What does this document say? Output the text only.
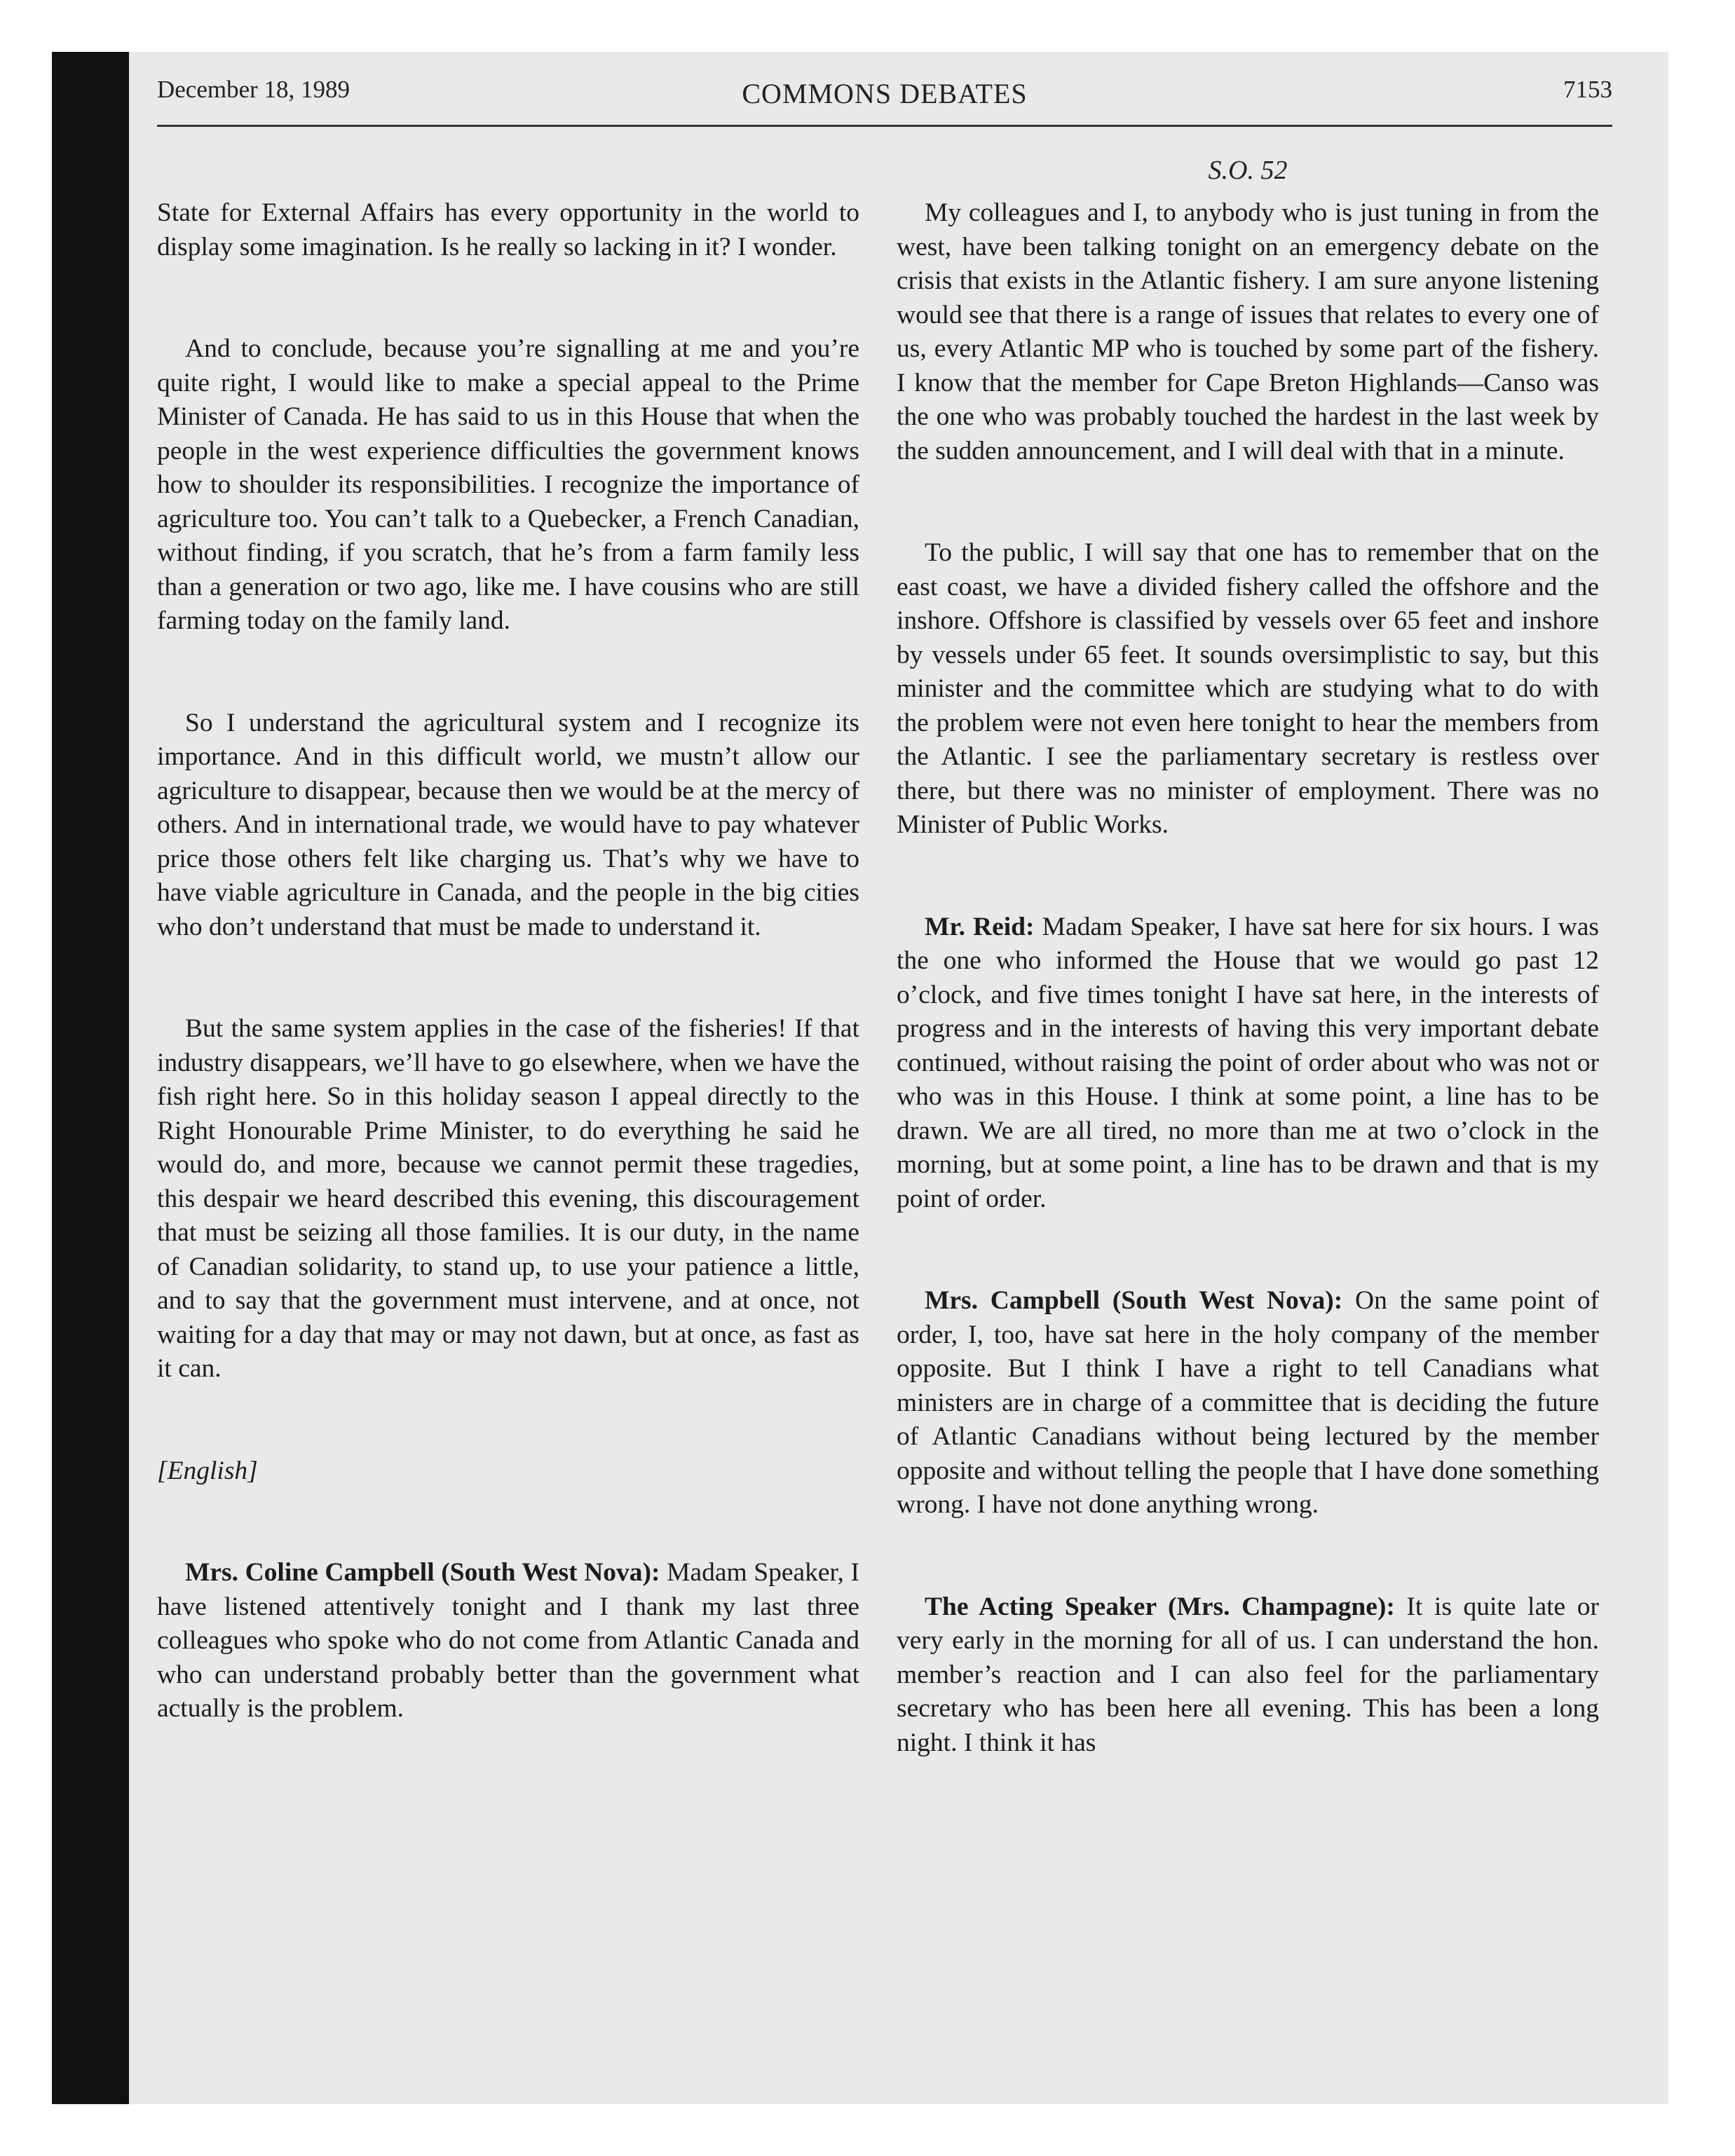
December 18, 1989	COMMONS DEBATES	7153
S.O. 52

State for External Affairs has every opportunity in the world to display some imagination. Is he really so lacking in it? I wonder.

And to conclude, because you’re signalling at me and you’re quite right, I would like to make a special appeal to the Prime Minister of Canada. He has said to us in this House that when the people in the west experience difficulties the government knows how to shoulder its responsibilities. I recognize the importance of agriculture too. You can’t talk to a Quebecker, a French Canadian, without finding, if you scratch, that he’s from a farm family less than a generation or two ago, like me. I have cousins who are still farming today on the family land.

So I understand the agricultural system and I recognize its importance. And in this difficult world, we mustn’t allow our agriculture to disappear, because then we would be at the mercy of others. And in international trade, we would have to pay whatever price those others felt like charging us. That’s why we have to have viable agriculture in Canada, and the people in the big cities who don’t understand that must be made to understand it.

But the same system applies in the case of the fisheries! If that industry disappears, we’ll have to go elsewhere, when we have the fish right here. So in this holiday season I appeal directly to the Right Honourable Prime Minister, to do everything he said he would do, and more, because we cannot permit these tragedies, this despair we heard described this evening, this discouragement that must be seizing all those families. It is our duty, in the name of Canadian solidarity, to stand up, to use your patience a little, and to say that the government must intervene, and at once, not waiting for a day that may or may not dawn, but at once, as fast as it can.

[English]

Mrs. Coline Campbell (South West Nova): Madam Speaker, I have listened attentively tonight and I thank my last three colleagues who spoke who do not come from Atlantic Canada and who can understand probably better than the government what actually is the problem.

My colleagues and I, to anybody who is just tuning in from the west, have been talking tonight on an emergency debate on the crisis that exists in the Atlantic fishery. I am sure anyone listening would see that there is a range of issues that relates to every one of us, every Atlantic MP who is touched by some part of the fishery. I know that the member for Cape Breton Highlands—Canso was the one who was probably touched the hardest in the last week by the sudden announcement, and I will deal with that in a minute.

To the public, I will say that one has to remember that on the east coast, we have a divided fishery called the offshore and the inshore. Offshore is classified by vessels over 65 feet and inshore by vessels under 65 feet. It sounds oversimplistic to say, but this minister and the committee which are studying what to do with the problem were not even here tonight to hear the members from the Atlantic. I see the parliamentary secretary is restless over there, but there was no minister of employment. There was no Minister of Public Works.

Mr. Reid: Madam Speaker, I have sat here for six hours. I was the one who informed the House that we would go past 12 o’clock, and five times tonight I have sat here, in the interests of progress and in the interests of having this very important debate continued, without raising the point of order about who was not or who was in this House. I think at some point, a line has to be drawn. We are all tired, no more than me at two o’clock in the morning, but at some point, a line has to be drawn and that is my point of order.

Mrs. Campbell (South West Nova): On the same point of order, I, too, have sat here in the holy company of the member opposite. But I think I have a right to tell Canadians what ministers are in charge of a committee that is deciding the future of Atlantic Canadians without being lectured by the member opposite and without telling the people that I have done something wrong. I have not done anything wrong.

The Acting Speaker (Mrs. Champagne): It is quite late or very early in the morning for all of us. I can understand the hon. member’s reaction and I can also feel for the parliamentary secretary who has been here all evening. This has been a long night. I think it has
